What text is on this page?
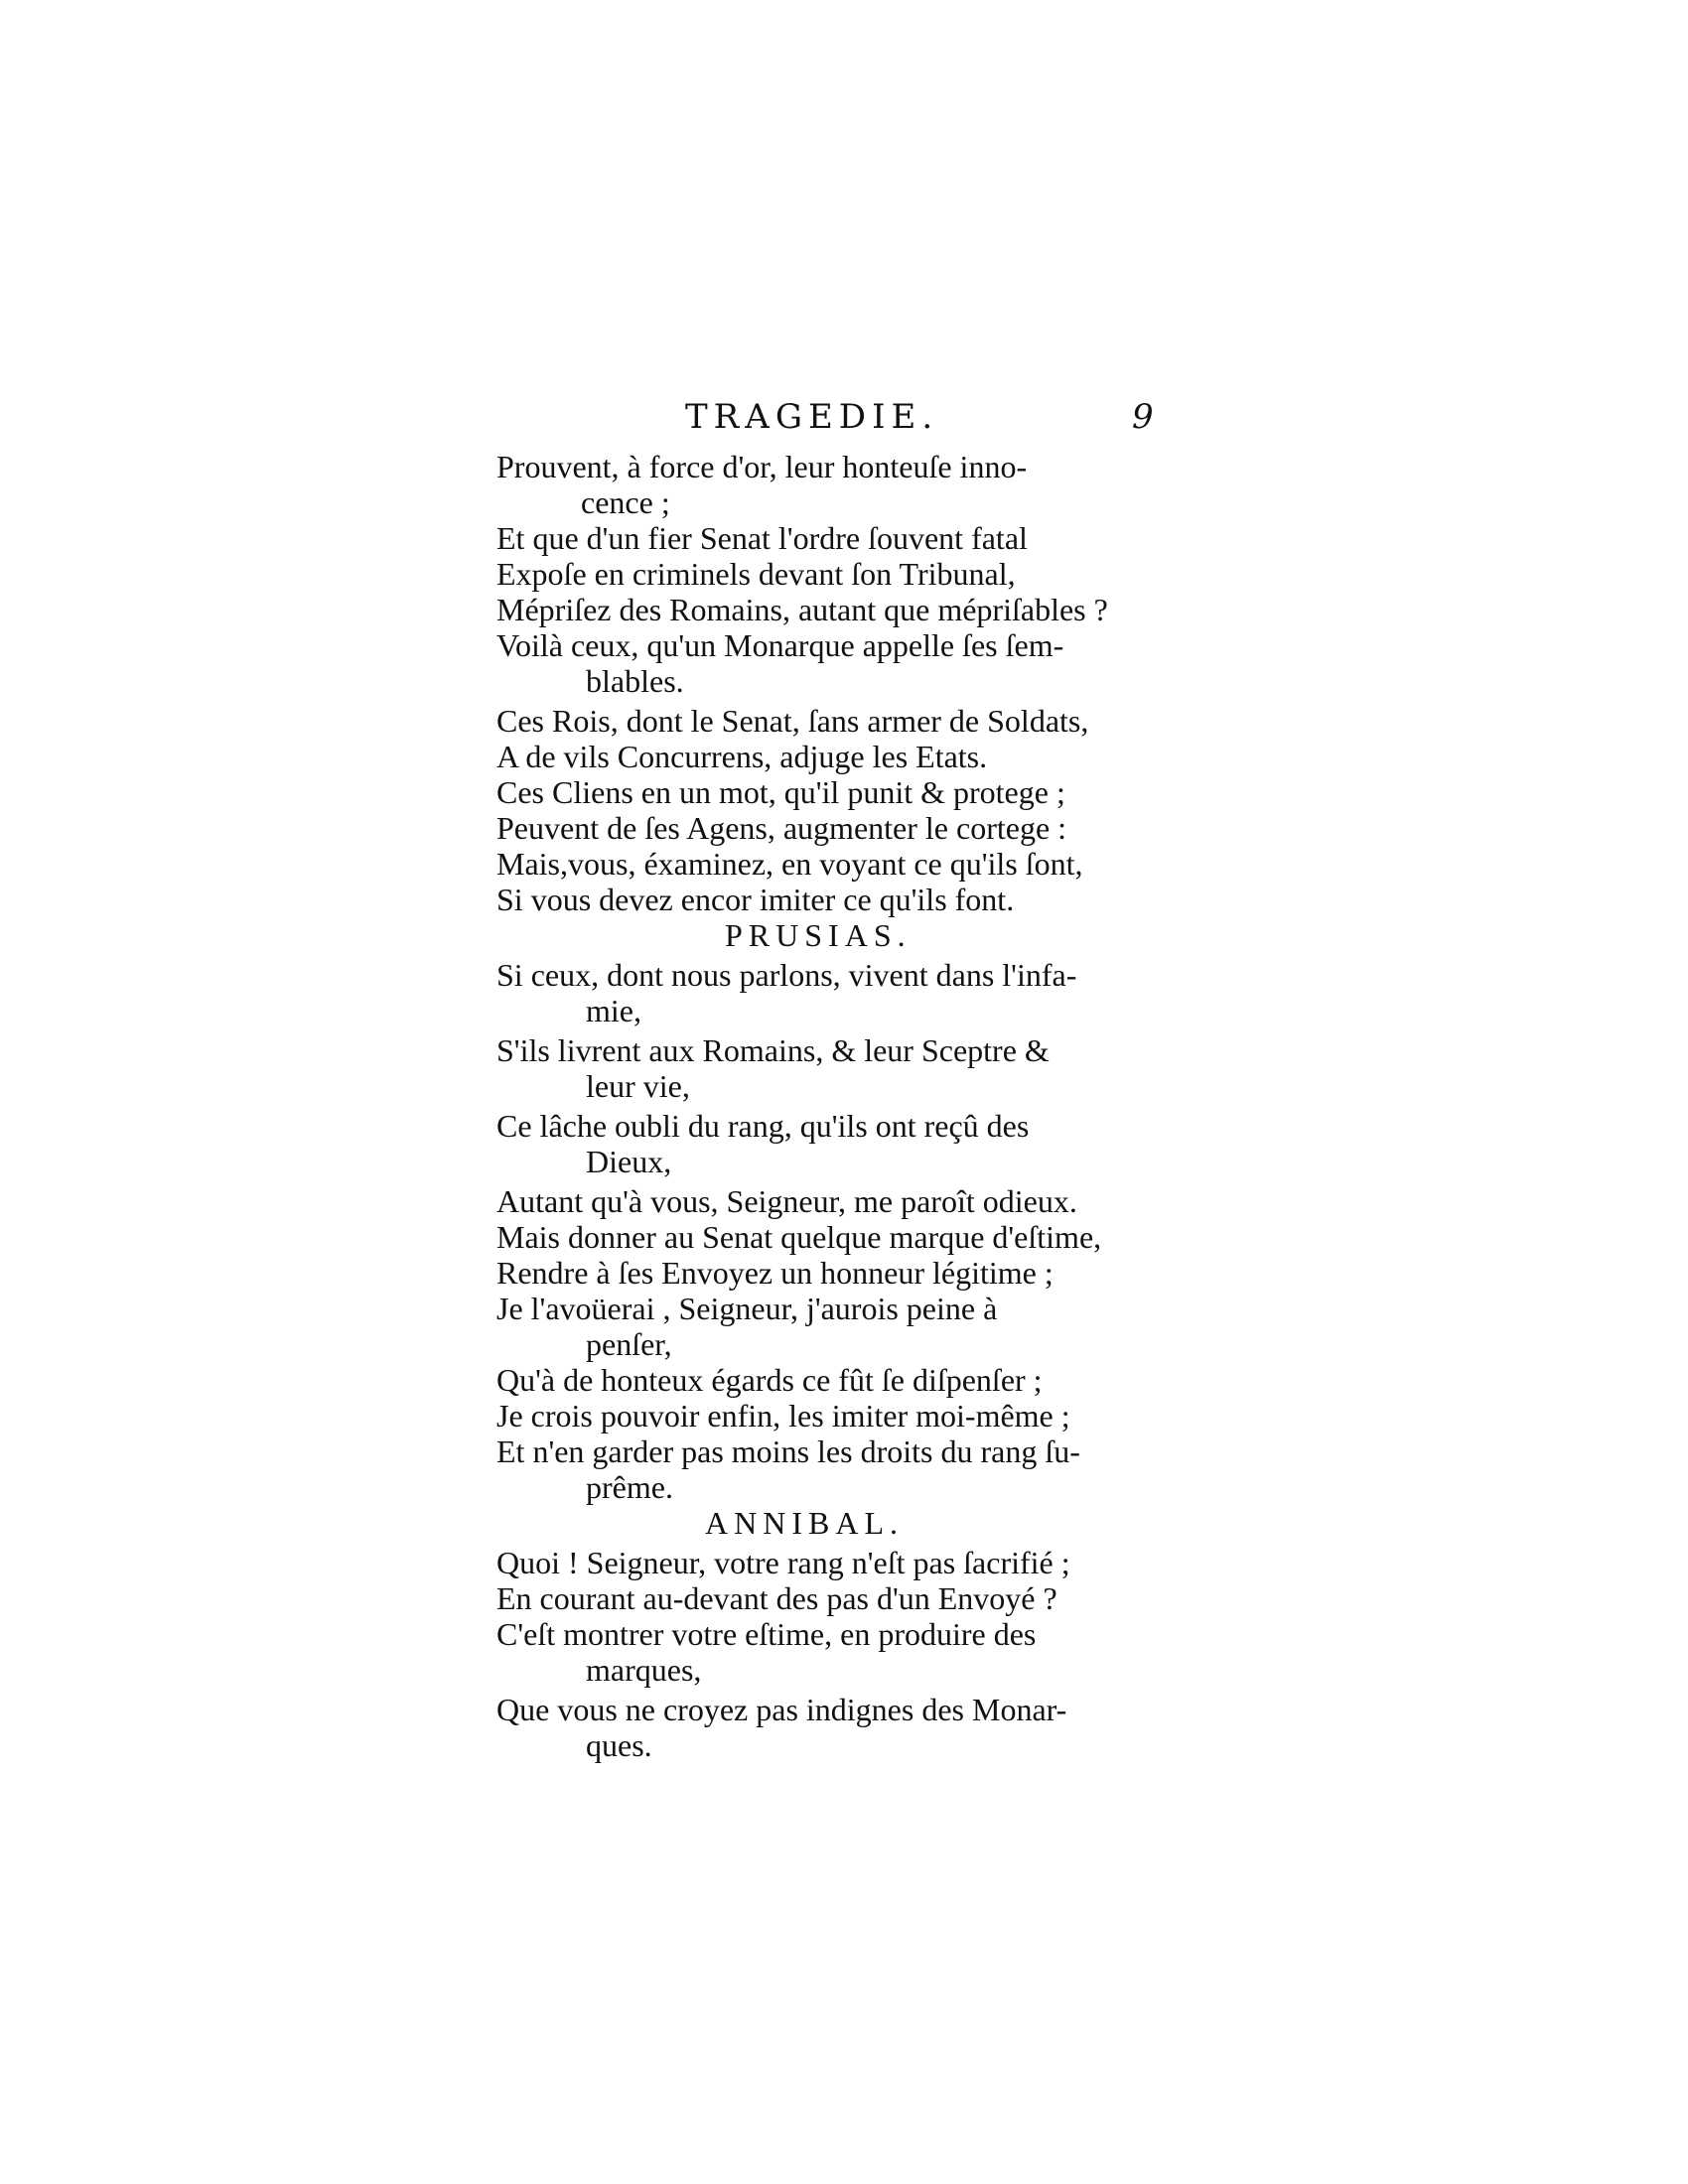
TRAGEDIE.	9
Prouvent, à force d'or, leur honteuſe inno-
cence ;
Et que d'un fier Senat l'ordre ſouvent fatal
Expoſe en criminels devant ſon Tribunal,
Mépriſez des Romains, autant que mépriſables ?
Voilà ceux, qu'un Monarque appelle ſes ſem-
blables.
Ces Rois, dont le Senat, ſans armer de Soldats,
A de vils Concurrens, adjuge les Etats.
Ces Cliens en un mot, qu'il punit & protege ;
Peuvent de ſes Agens, augmenter le cortege :
Mais,vous, éxaminez, en voyant ce qu'ils ſont,
Si vous devez encor imiter ce qu'ils font.
PRUSIAS.
Si ceux, dont nous parlons, vivent dans l'infa-
mie,
S'ils livrent aux Romains, & leur Sceptre &
leur vie,
Ce lâche oubli du rang, qu'ils ont reçû des
Dieux,
Autant qu'à vous, Seigneur, me paroît odieux.
Mais donner au Senat quelque marque d'eſtime,
Rendre à ſes Envoyez un honneur légitime ;
Je l'avoüerai , Seigneur, j'aurois peine à
penſer,
Qu'à de honteux égards ce fût ſe diſpenſer ;
Je crois pouvoir enfin, les imiter moi-même ;
Et n'en garder pas moins les droits du rang ſu-
prême.
ANNIBAL.
Quoi ! Seigneur, votre rang n'eſt pas ſacrifié ;
En courant au-devant des pas d'un Envoyé ?
C'eſt montrer votre eſtime, en produire des
marques,
Que vous ne croyez pas indignes des Monar-
ques.
